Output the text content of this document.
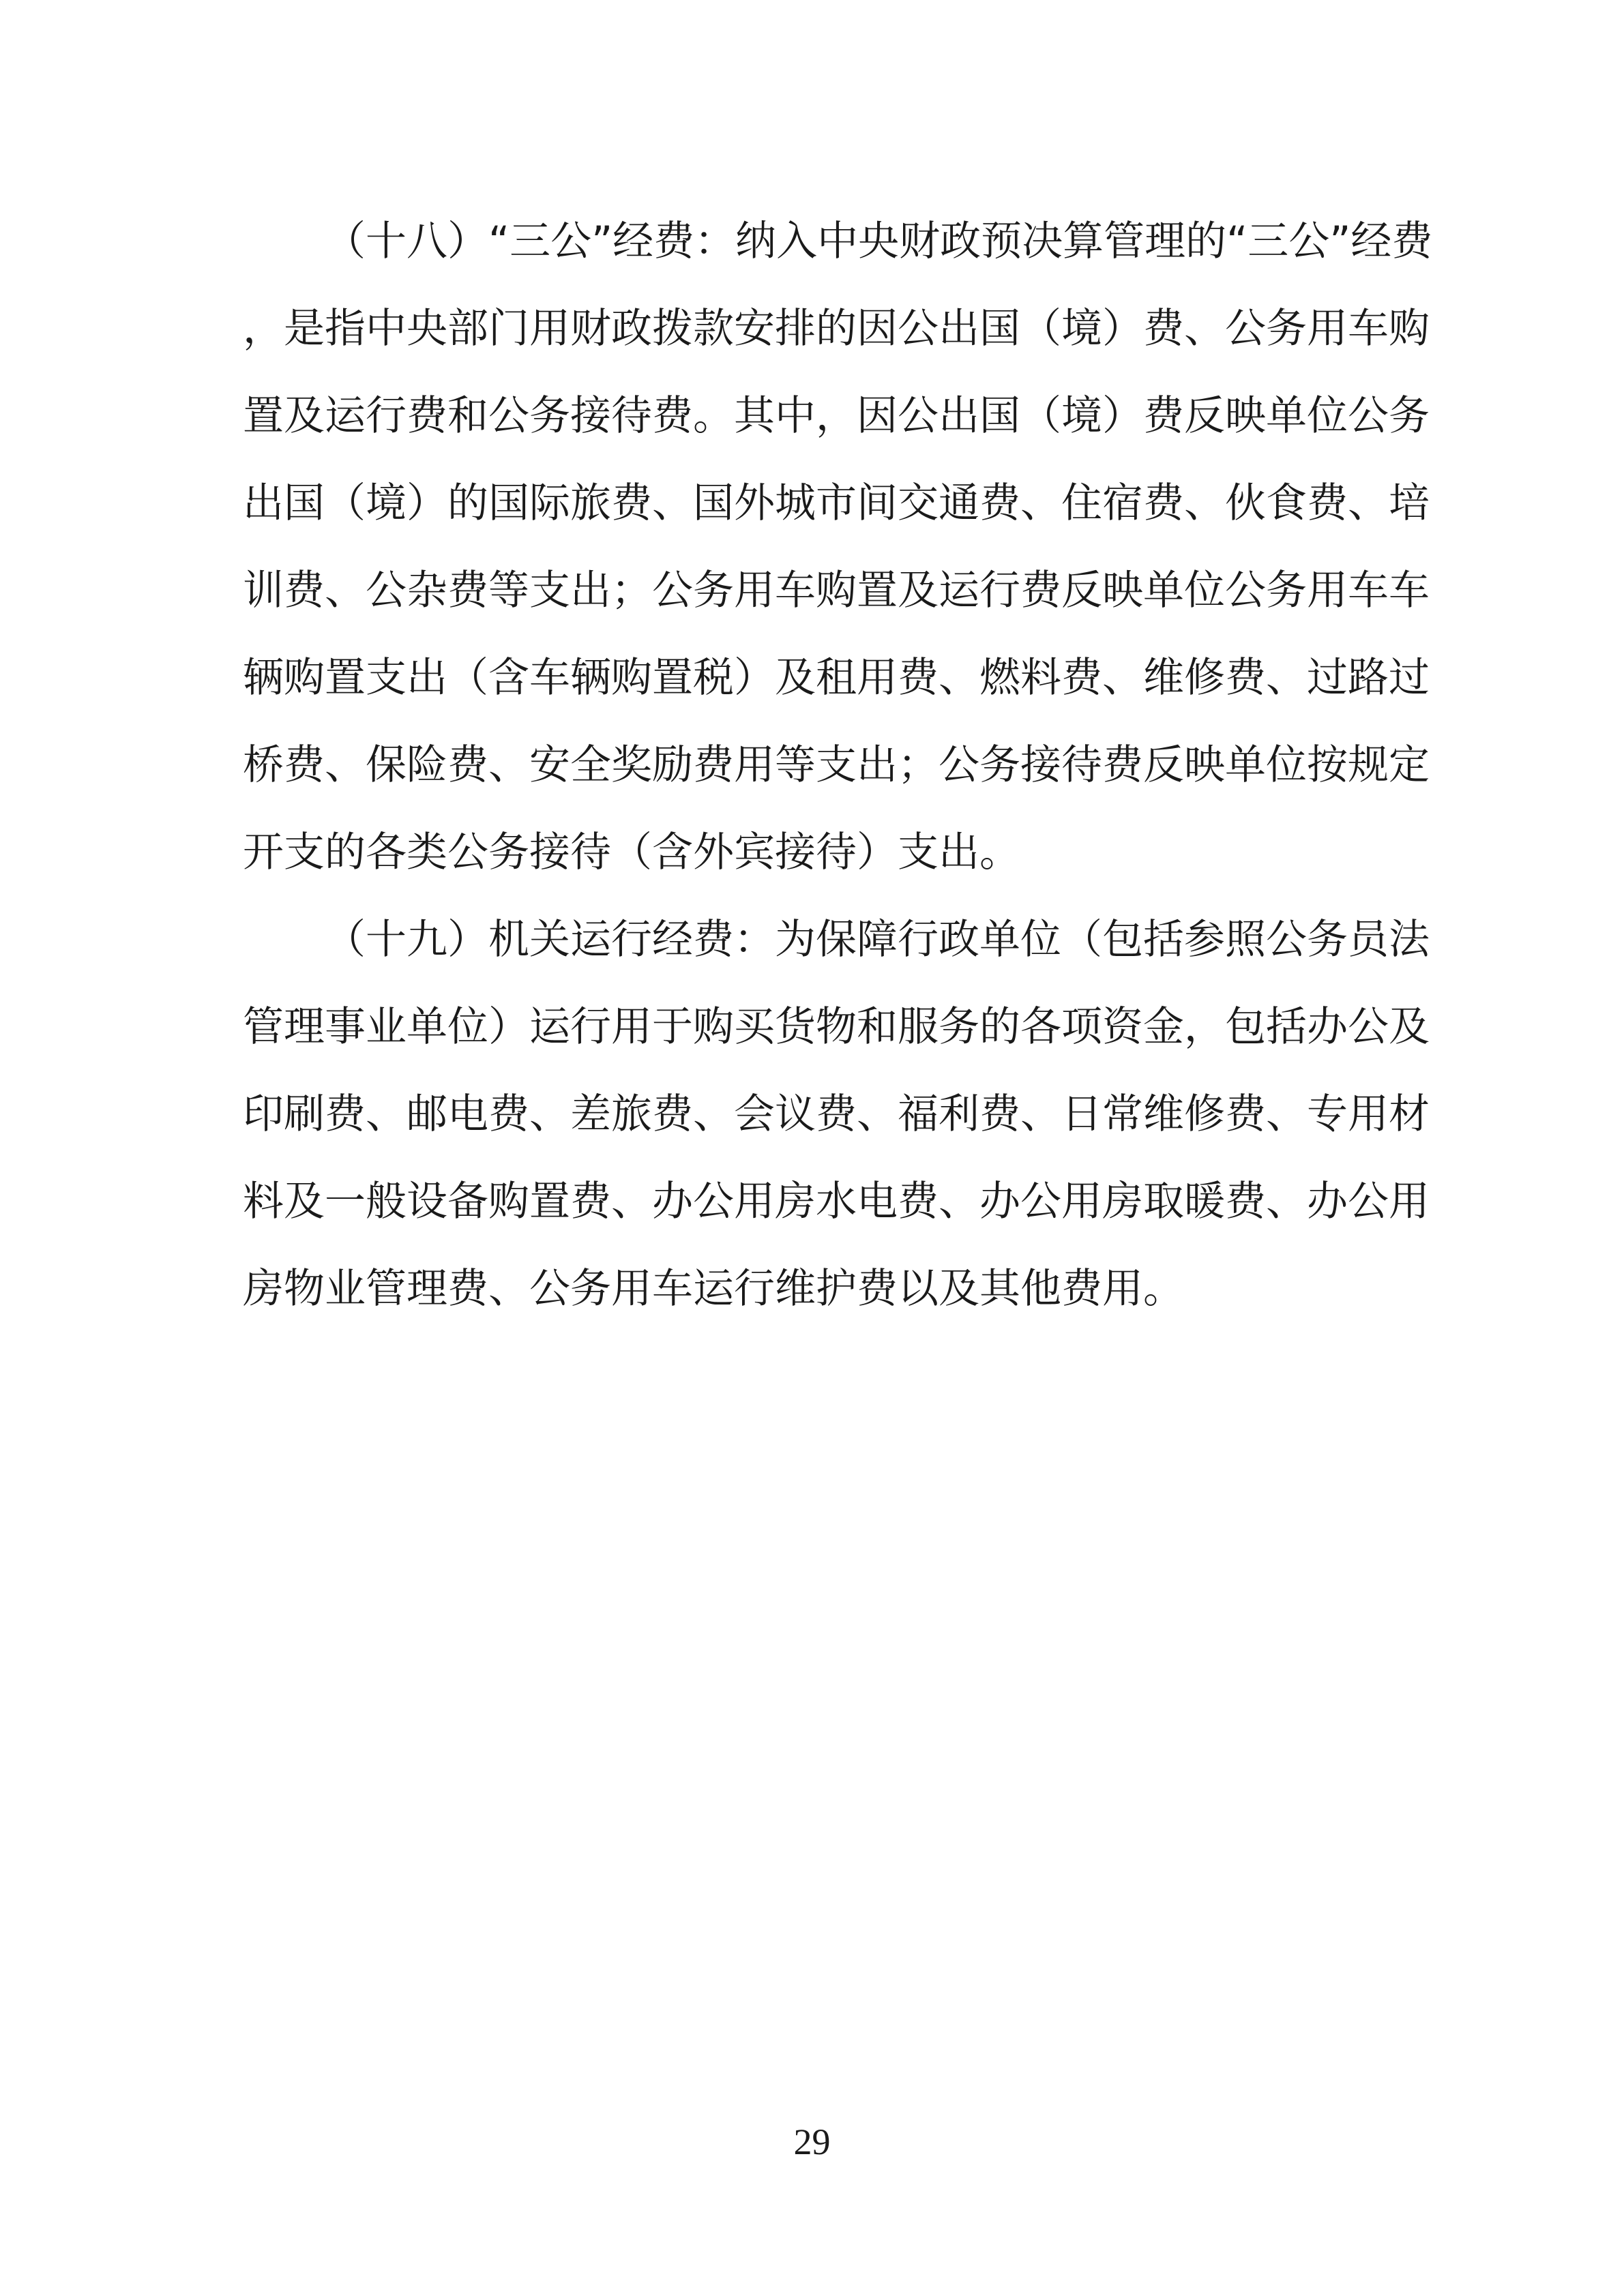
（十八）“三公”经费：纳入中央财政预决算管理的“三公”经费
，是指中央部门用财政拨款安排的因公出国（境）费、公务用车购
置及运行费和公务接待费。其中，因公出国（境）费反映单位公务
出国（境）的国际旅费、国外城市间交通费、住宿费、伙食费、培
训费、公杂费等支出；公务用车购置及运行费反映单位公务用车车
辆购置支出（含车辆购置税）及租用费、燃料费、维修费、过路过
桥费、保险费、安全奖励费用等支出；公务接待费反映单位按规定
开支的各类公务接待（含外宾接待）支出。
（十九）机关运行经费：为保障行政单位（包括参照公务员法
管理事业单位）运行用于购买货物和服务的各项资金，包括办公及
印刷费、邮电费、差旅费、会议费、福利费、日常维修费、专用材
料及一般设备购置费、办公用房水电费、办公用房取暖费、办公用
房物业管理费、公务用车运行维护费以及其他费用。
29
